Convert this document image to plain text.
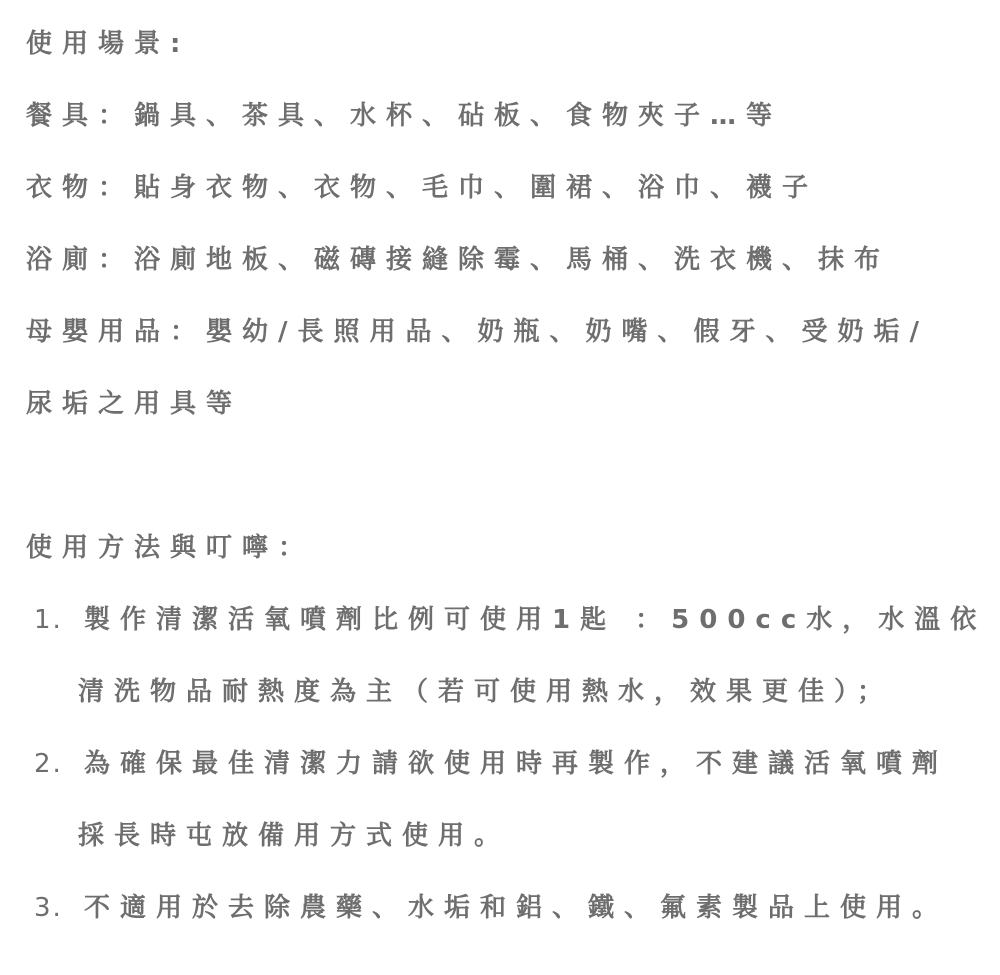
使用場景:
餐具：鍋具、茶具、水杯、砧板、食物夾子…等
衣物：貼身衣物、衣物、毛巾、圍裙、浴巾、襪子
浴廁：浴廁地板、磁磚接縫除霉、馬桶、洗衣機、抹布
母嬰用品：嬰幼/長照用品、奶瓶、奶嘴、假牙、受奶垢/
尿垢之用具等
使用方法與叮嚀：
1. 製作清潔活氧噴劑比例可使用1匙 ：500cc水，水溫依
清洗物品耐熱度為主（若可使用熱水，效果更佳）；
2. 為確保最佳清潔力請欲使用時再製作，不建議活氧噴劑
採長時屯放備用方式使用。
3. 不適用於去除農藥、水垢和鋁、鐵、氟素製品上使用。
